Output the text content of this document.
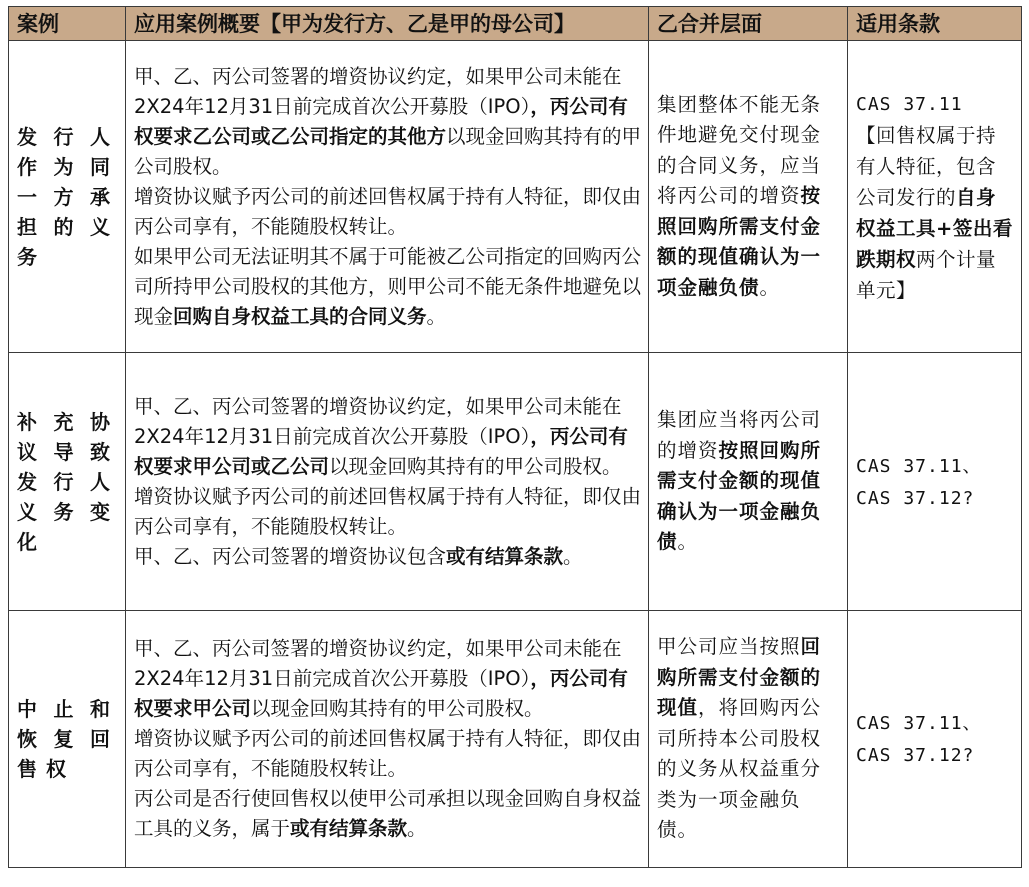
案例	应用案例概要【甲为发行方、乙是甲的母公司】	乙合并层面	适用条款
发行人作为同一方承担的义务	甲、乙、丙公司签署的增资协议约定，如果甲公司未能在2X24年12月31日前完成首次公开募股（IPO），丙公司有权要求乙公司或乙公司指定的其他方以现金回购其持有的甲公司股权。
增资协议赋予丙公司的前述回售权属于持有人特征，即仅由丙公司享有，不能随股权转让。
如果甲公司无法证明其不属于可能被乙公司指定的回购丙公司所持甲公司股权的其他方，则甲公司不能无条件地避免以现金回购自身权益工具的合同义务。	集团整体不能无条件地避免交付现金的合同义务，应当将丙公司的增资按照回购所需支付金额的现值确认为一项金融负债。	CAS 37.11
【回售权属于持有人特征，包含公司发行的自身权益工具+签出看跌期权两个计量单元】
补充协议导致发行人义务变化	甲、乙、丙公司签署的增资协议约定，如果甲公司未能在2X24年12月31日前完成首次公开募股（IPO），丙公司有权要求甲公司或乙公司以现金回购其持有的甲公司股权。
增资协议赋予丙公司的前述回售权属于持有人特征，即仅由丙公司享有，不能随股权转让。
甲、乙、丙公司签署的增资协议包含或有结算条款。	集团应当将丙公司的增资按照回购所需支付金额的现值确认为一项金融负债。	CAS 37.11、CAS 37.12?
中止和恢复回售权	甲、乙、丙公司签署的增资协议约定，如果甲公司未能在2X24年12月31日前完成首次公开募股（IPO），丙公司有权要求甲公司以现金回购其持有的甲公司股权。
增资协议赋予丙公司的前述回售权属于持有人特征，即仅由丙公司享有，不能随股权转让。
丙公司是否行使回售权以使甲公司承担以现金回购自身权益工具的义务，属于或有结算条款。	甲公司应当按照回购所需支付金额的现值，将回购丙公司所持本公司股权的义务从权益重分类为一项金融负债。	CAS 37.11、CAS 37.12?
